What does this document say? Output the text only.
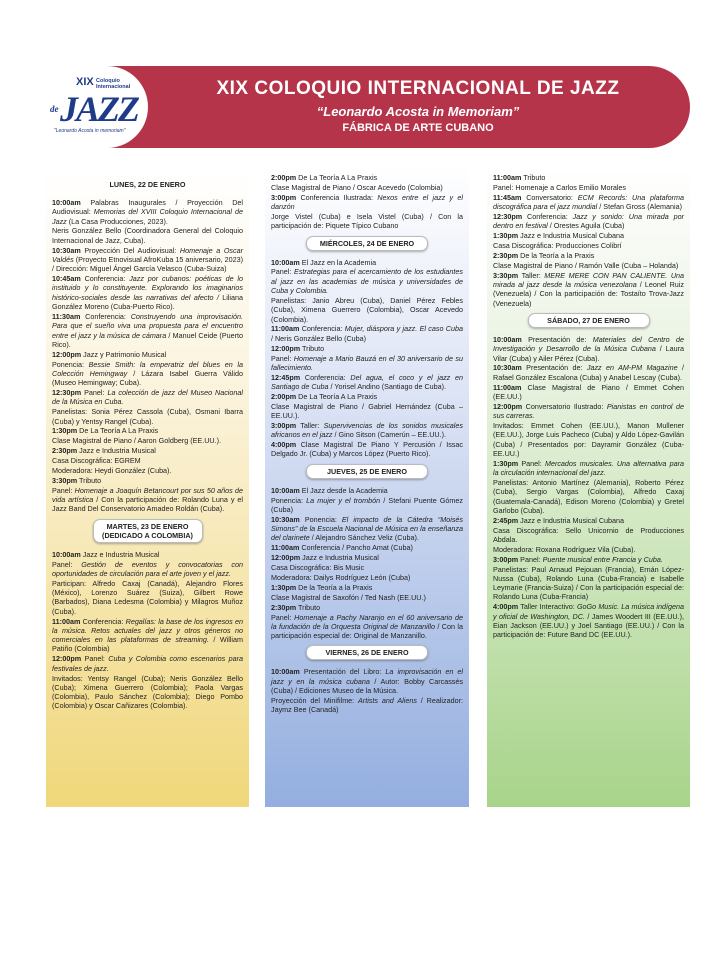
XIX Coloquio Internacional
de JAZZ
"Leonardo Acosta in memoriam"
XIX COLOQUIO INTERNACIONAL DE JAZZ
“Leonardo Acosta in Memoriam”
FÁBRICA DE ARTE CUBANO
LUNES, 22 DE ENERO
10:00am Palabras Inaugurales / Proyección Del Audiovisual: Memorias del XVIII Coloquio Internacional de Jazz (La Casa Producciones, 2023).
Neris González Bello (Coordinadora General del Coloquio Internacional de Jazz, Cuba).
10:30am Proyección Del Audiovisual: Homenaje a Oscar Valdés (Proyecto Etnovisual AfroKuba 15 aniversario, 2023) / Dirección: Miguel Ángel García Velasco (Cuba-Suiza)
10:45am Conferencia: Jazz por cubanos: poéticas de lo instituido y lo constituyente. Explorando los imaginarios histórico-sociales desde las narrativas del afecto / Liliana González Moreno (Cuba-Puerto Rico).
11:30am Conferencia: Construyendo una improvisación. Para que el sueño viva una propuesta para el encuentro entre el jazz y la música de cámara / Manuel Ceide (Puerto Rico).
12:00pm Jazz y Patrimonio Musical
Ponencia: Bessie Smith: la emperatriz del blues en la Colección Hemingway / Lázara Isabel Guerra Válido (Museo Hemingway; Cuba).
12:30pm Panel: La colección de jazz del Museo Nacional de la Música en Cuba.
Panelistas: Sonia Pérez Cassola (Cuba), Osmani Ibarra (Cuba) y Yentsy Rangel (Cuba).
1:30pm De La Teoría A La Praxis
Clase Magistral de Piano / Aaron Goldberg (EE.UU.).
2:30pm Jazz e Industria Musical
Casa Discográfica: EGREM
Moderadora: Heydi González (Cuba).
3:30pm Tributo
Panel: Homenaje a Joaquín Betancourt por sus 50 años de vida artística / Con la participación de: Rolando Luna y el Jazz Band Del Conservatorio Amadeo Roldán (Cuba).
MARTES, 23 DE ENERO
(DEDICADO A COLOMBIA)
10:00am Jazz e Industria Musical
Panel: Gestión de eventos y convocatorias con oportunidades de circulación para el arte joven y el jazz.
Participan: Alfredo Caxaj (Canadá), Alejandro Flores (México), Lorenzo Suárez (Suiza), Gilbert Rowe (Barbados), Diana Ledesma (Colombia) y Milagros Muñoz (Cuba).
11:00am Conferencia: Regalías: la base de los ingresos en la música. Retos actuales del jazz y otros géneros no comerciales en las plataformas de streaming. / William Patiño (Colombia)
12:00pm Panel: Cuba y Colombia como escenarios para festivales de jazz.
Invitados: Yentsy Rangel (Cuba); Neris González Bello (Cuba); Ximena Guerrero (Colombia); Paola Vargas (Colombia), Paulo Sánchez (Colombia); Diego Pombo (Colombia) y Oscar Cañizares (Colombia).
2:00pm De La Teoría A La Praxis
Clase Magistral de Piano / Oscar Acevedo (Colombia)
3:00pm Conferencia Ilustrada: Nexos entre el jazz y el danzón
Jorge Vistel (Cuba) e Isela Vistel (Cuba) / Con la participación de: Piquete Típico Cubano
MIÉRCOLES, 24 DE ENERO
10:00am El Jazz en la Academia
Panel: Estrategias para el acercamiento de los estudiantes al jazz en las academias de música y universidades de Cuba y Colombia.
Panelistas: Janio Abreu (Cuba), Daniel Pérez Febles (Cuba), Ximena Guerrero (Colombia), Oscar Acevedo (Colombia).
11:00am Conferencia: Mujer, diáspora y jazz. El caso Cuba / Neris González Bello (Cuba)
12:00pm Tributo
Panel: Homenaje a Mario Bauzá en el 30 aniversario de su fallecimiento.
12:45pm Conferencia: Del agua, el coco y el jazz en Santiago de Cuba / Yorisel Andino (Santiago de Cuba).
2:00pm De La Teoría A La Praxis
Clase Magistral de Piano / Gabriel Hernández (Cuba – EE.UU.).
3:00pm Taller: Supervivencias de los sonidos musicales africanos en el jazz / Gino Sitson (Camerún – EE.UU.).
4:00pm Clase Magistral De Piano Y Percusión / Issac Delgado Jr. (Cuba) y Marcos López (Puerto Rico).
JUEVES, 25 DE ENERO
10:00am El Jazz desde la Academia
Ponencia: La mujer y el trombón / Stefani Puente Gómez (Cuba)
10:30am Ponencia: El impacto de la Cátedra “Moisés Simons” de la Escuela Nacional de Música en la enseñanza del clarinete / Alejandro Sánchez Veliz (Cuba).
11:00am Conferencia / Pancho Amat (Cuba)
12:00pm Jazz e Industria Musical
Casa Discográfica: Bis Music
Moderadora: Dailys Rodríguez León (Cuba)
1:30pm De la Teoría a la Praxis
Clase Magistral de Saxofón / Ted Nash (EE.UU.)
2:30pm Tributo
Panel: Homenaje a Pachy Naranjo en el 60 aniversario de la fundación de la Orquesta Original de Manzanillo / Con la participación especial de: Original de Manzanillo.
VIERNES, 26 DE ENERO
10:00am Presentación del Libro: La improvisación en el jazz y en la música cubana / Autor: Bobby Carcassés (Cuba) / Ediciones Museo de la Música.
Proyección del Minifilme: Artists and Aliens / Realizador: Jaymz Bee (Canadá)
11:00am Tributo
Panel: Homenaje a Carlos Emilio Morales
11:45am Conversatorio: ECM Records: Una plataforma discográfica para el jazz mundial / Stefan Gross (Alemania)
12:30pm Conferencia: Jazz y sonido: Una mirada por dentro en festival / Orestes Aguila (Cuba)
1:30pm Jazz e Industria Musical Cubana
Casa Discográfica: Producciones Colibrí
2:30pm De la Teoría a la Praxis
Clase Magistral de Piano / Ramón Valle (Cuba – Holanda)
3:30pm Taller: MERE MERE CON PAN CALIENTE. Una mirada al jazz desde la música venezolana / Leonel Ruiz (Venezuela) / Con la participación de: Tostaíto Trova-Jazz (Venezuela)
SÁBADO, 27 DE ENERO
10:00am Presentación de: Materiales del Centro de Investigación y Desarrollo de la Música Cubana / Laura Vilar (Cuba) y Ailer Pérez (Cuba).
10:30am Presentación de: Jazz en AM-PM Magazine / Rafael González Escalona (Cuba) y Anabel Lescay (Cuba).
11:00am Clase Magistral de Piano / Emmet Cohen (EE.UU.)
12:00pm Conversatorio Ilustrado: Pianistas en control de sus carreras.
Invitados: Emmet Cohen (EE.UU.), Manon Mullener (EE.UU.), Jorge Luis Pacheco (Cuba) y Aldo López-Gavilán (Cuba) / Presentados por: Dayramir González (Cuba-EE.UU.)
1:30pm Panel: Mercados musicales. Una alternativa para la circulación internacional del jazz.
Panelistas: Antonio Martínez (Alemania), Roberto Pérez (Cuba), Sergio Vargas (Colombia), Alfredo Caxaj (Guatemala-Canadá), Edison Moreno (Colombia) y Gretel Garlobo (Cuba).
2:45pm Jazz e Industria Musical Cubana
Casa Discográfica: Sello Unicornio de Producciones Abdala.
Moderadora: Roxana Rodríguez Vila (Cuba).
3:00pm Panel: Puente musical entre Francia y Cuba.
Panelistas: Paul Arnaud Pejouan (Francia), Ernán López-Nussa (Cuba), Rolando Luna (Cuba-Francia) e Isabelle Leymarie (Francia-Suiza) / Con la participación especial de: Rolando Luna (Cuba-Francia)
4:00pm Taller Interactivo: GoGo Music. La música indígena y oficial de Washington, DC. / James Woodert III (EE.UU.), Eian Jackson (EE.UU.) y Joel Santiago (EE.UU.) / Con la participación de: Future Band DC (EE.UU.).
